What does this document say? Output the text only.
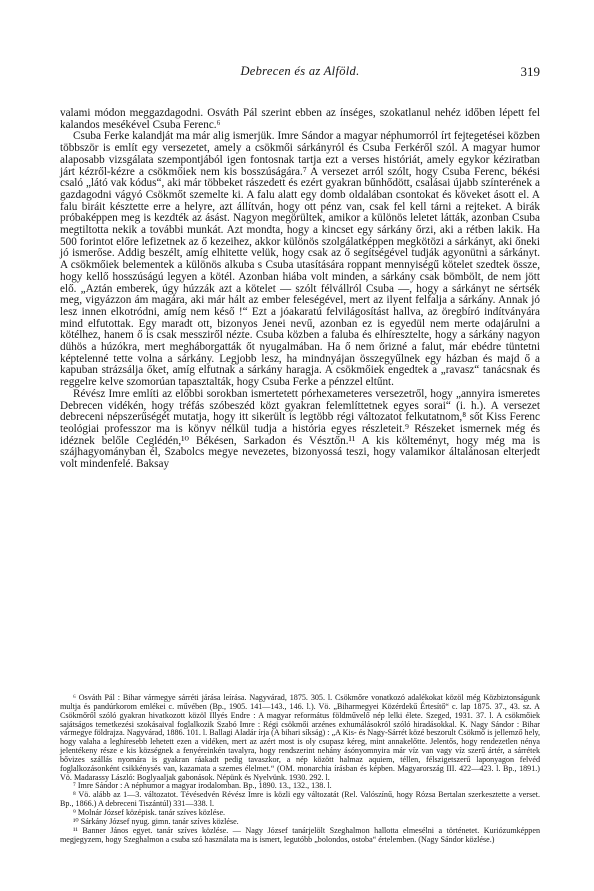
Debrecen és az Alföld.	319

valami módon meggazdagodni. Osváth Pál szerint ebben az ínséges, szokatlanul nehéz időben lépett fel kalandos mesékével Csuba Ferenc.⁶

Csuba Ferke kalandját ma már alig ismerjük. Imre Sándor a magyar néphumorról írt fejtegetései közben többször is említ egy versezetet, amely a csökmői sárkányról és Csuba Ferkéről szól. A magyar humor alaposabb vizsgálata szempontjából igen fontosnak tartja ezt a verses históriát, amely egykor kéziratban járt kézről-kézre a csökmőiek nem kis bosszúságára.⁷ A versezet arról szólt, hogy Csuba Ferenc, békési csaló „látó vak kódus“, aki már többeket rászedett és ezért gyakran bűnhődött, csalásai újabb színterének a gazdagodni vágyó Csökmőt szemelte ki. A falu alatt egy domb oldalában csontokat és köveket ásott el. A falu biráit késztette erre a helyre, azt állítván, hogy ott pénz van, csak fel kell tárni a rejteket. A birák próbaképpen meg is kezdték az ásást. Nagyon megörültek, amikor a különös leletet látták, azonban Csuba megtiltotta nekik a további munkát. Azt mondta, hogy a kincset egy sárkány őrzi, aki a rétben lakik. Ha 500 forintot előre lefizetnek az ő kezeihez, akkor különös szolgálatképpen megkötözi a sárkányt, aki őneki jó ismerőse. Addig beszélt, amíg elhitette velük, hogy csak az ő segítségével tudják agyonütni a sárkányt. A csökmőiek belementek a különös alkuba s Csuba utasítására roppant mennyiségű kötelet szedtek össze, hogy kellő hosszúságú legyen a kötél. Azonban hiába volt minden, a sárkány csak bömbölt, de nem jött elő. „Aztán emberek, úgy húzzák azt a kötelet — szólt félvállról Csuba —, hogy a sárkányt ne sértsék meg, vigyázzon ám magára, aki már hált az ember feleségével, mert az ilyent felfalja a sárkány. Annak jó lesz innen elkotródni, amíg nem késő !“ Ezt a jóakaratú felvilágosítást hallva, az öregbíró indítványára mind elfutottak. Egy maradt ott, bizonyos Jenei nevű, azonban ez is egyedül nem merte odajárulni a kötélhez, hanem ő is csak messziről nézte. Csuba közben a faluba és elhíresztelte, hogy a sárkány nagyon dühös a húzókra, mert megháborgatták őt nyugalmában. Ha ő nem őrizné a falut, már ebédre tüntetni képtelenné tette volna a sárkány. Legjobb lesz, ha mindnyájan összegyűlnek egy házban és majd ő a kapuban strázsálja őket, amíg elfutnak a sárkány haragja. A csökmőiek engedtek a „ravasz“ tanácsnak és reggelre kelve szomorúan tapasztalták, hogy Csuba Ferke a pénzzel eltűnt.

Révész Imre említi az előbbi sorokban ismertetett pórhexameteres versezetről, hogy „annyira ismeretes Debrecen vidékén, hogy tréfás szóbeszéd közt gyakran felemlíttetnek egyes sorai“ (i. h.). A versezet debreceni népszerűségét mutatja, hogy itt sikerült is legtöbb régi változatot felkutatnom,⁸ sőt Kiss Ferenc teológiai professzor ma is könyv nélkül tudja a história egyes részleteit.⁹ Részeket ismernek még és idéznek belőle Ceglédén,¹⁰ Békésen, Sarkadon és Vésztőn.¹¹ A kis költeményt, hogy még ma is szájhagyományban él, Szabolcs megye nevezetes, bizonyossá teszi, hogy valamikor általánosan elterjedt volt mindenfelé. Baksay

⁶ Osváth Pál : Bihar vármegye sárréti járása leírása. Nagyvárad, 1875. 305. l. Csökmőre vonatkozó adalékokat közöl még Közbiztonságunk multja és pandúrkorom emlékei c. művében (Bp., 1905. 141—143., 146. l.). Vö. „Biharmegyei Közérdekű Értesítő“ c. lap 1875. 37., 43. sz. A Csökmőről szóló gyakran hivatkozott közöl Illyés Endre : A magyar református földművelő nép lelki élete. Szeged, 1931. 37. l. A csökmőiek sajátságos temetkezési szokásaival foglalkozik Szabó Imre : Régi csökmői arzénes exhumálásokról szóló hiradásokkal. K. Nagy Sándor : Bihar vármegye földrajza. Nagyvárad, 1886. 101. l. Ballagi Aladár írja (A bihari síkság) : „A Kis- és Nagy-Sárrét közé beszorult Csökmő is jellemző hely, hogy valaha a leghíresebb lehetett ezen a vidéken, mert az azért most is oly csupasz kéreg, mint annakelőtte. Jelentős, hogy rendezetlen nénya jelentékeny része e kis községnek a fenyéreinkén tavalyra, hogy rendszerint nehány ásónyomnyira már víz van vagy víz szerű ártér, a sárrétek bővizes szállás nyomára is gyakran ráakadt pedig tavaszkor, a nép között halmaz aquiem, téllen, félszigetszerű laponyagon felvéd foglalkozásonként csikkénysés van, kazamata a szemes élelmet.“ (OM. monarchia írásban és képben. Magyarország III. 422—423. l. Bp., 1891.) Vö. Madarassy László: Boglyaaljak gabonások. Népünk és Nyelvünk. 1930. 292. l.

⁷ Imre Sándor : A néphumor a magyar irodalomban. Bp., 1890. 13., 132., 138. l.

⁸ Vö. alább az 1—3. változatot. Tévésedvén Révész Imre is közli egy változatát (Rel. Valószínű, hogy Rózsa Bertalan szerkesztette a verset. Bp., 1866.) A debreceni Tiszántúl) 331—338. l.

⁹ Molnár József középisk. tanár szíves közlése.

¹⁰ Sárkány József nyug. gimn. tanár szíves közlése.

¹¹ Banner János egyet. tanár szíves közlése. — Nagy József tanárjelölt Szeghalmon hallotta elmesélni a történetet. Kuriózumképpen megjegyzem, hogy Szeghalmon a csuba szó használata ma is ismert, legutóbb „bolondos, ostoba“ értelemben. (Nagy Sándor közlése.)
